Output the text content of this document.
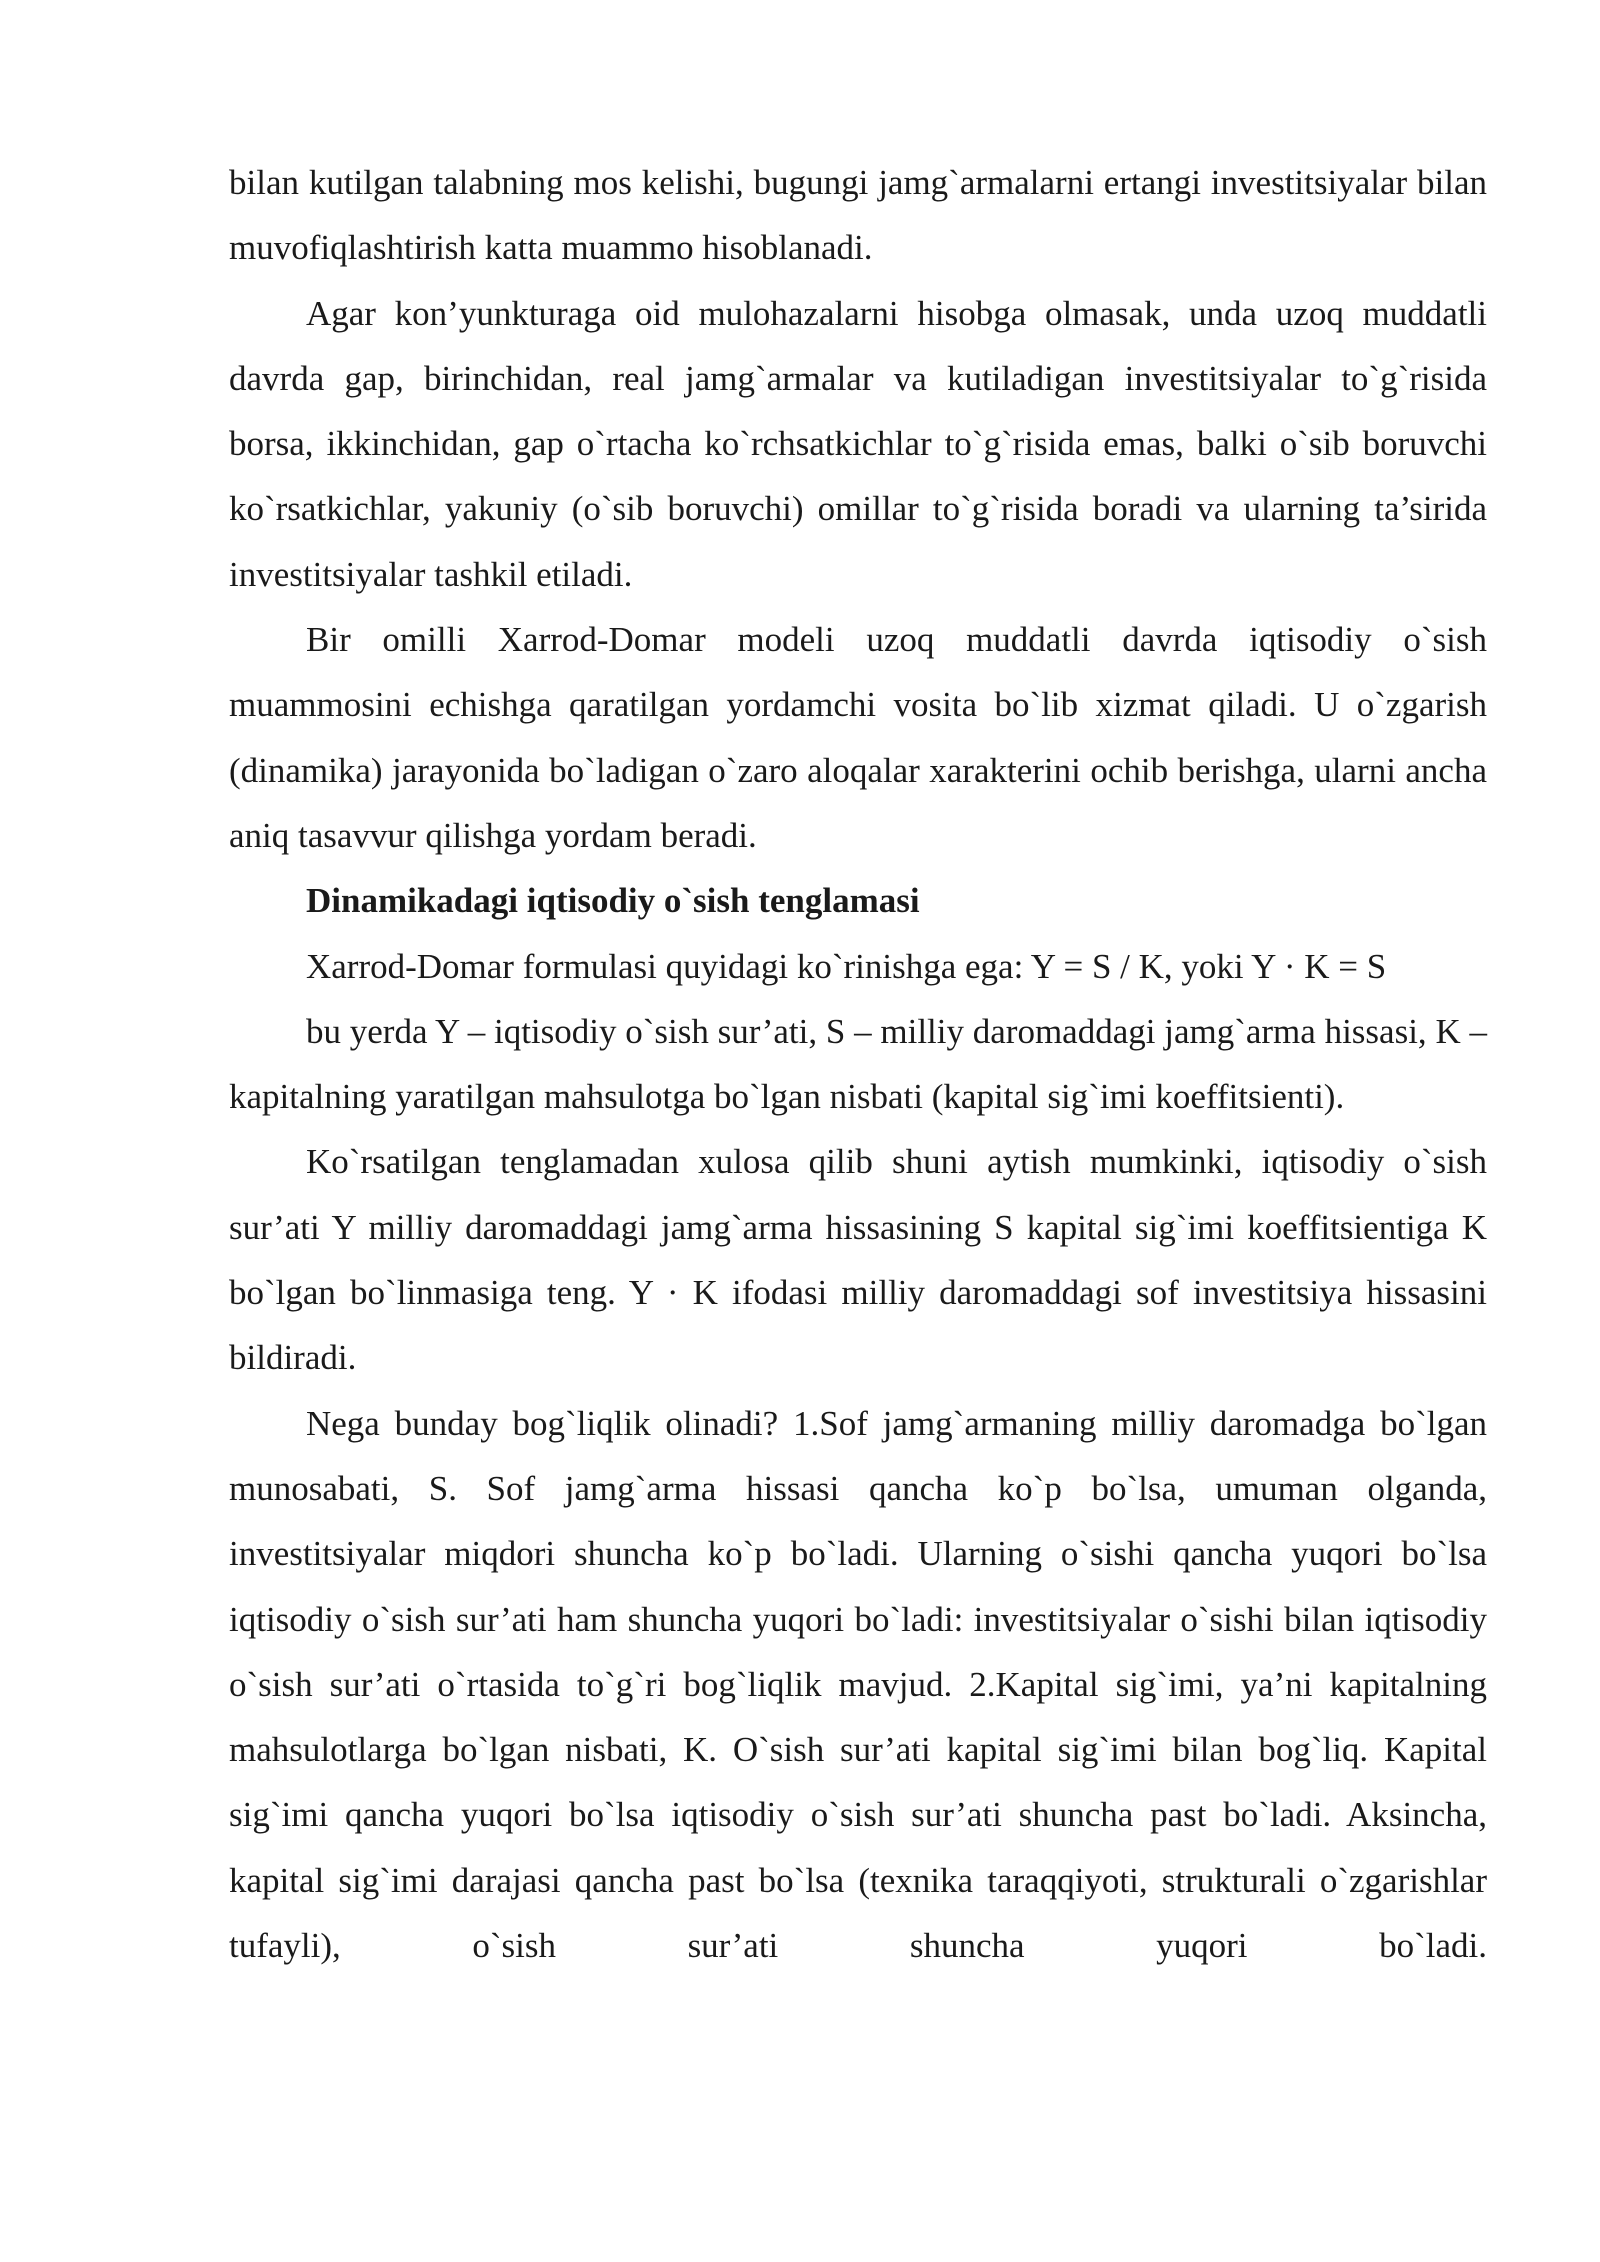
bilan kutilgan talabning mos kelishi, bugungi jamg`armalarni ertangi investitsiyalar bilan muvofiqlashtirish katta muammo hisoblanadi.

Agar kon’yunkturaga oid mulohazalarni hisobga olmasak, unda uzoq muddatli davrda gap, birinchidan, real jamg`armalar va kutiladigan investitsiyalar to`g`risida borsa, ikkinchidan, gap o`rtacha ko`rchsatkichlar to`g`risida emas, balki o`sib boruvchi ko`rsatkichlar, yakuniy (o`sib boruvchi) omillar to`g`risida boradi va ularning ta’sirida investitsiyalar tashkil etiladi.

Bir omilli Xarrod-Domar modeli uzoq muddatli davrda iqtisodiy o`sish muammosini echishga qaratilgan yordamchi vosita bo`lib xizmat qiladi. U o`zgarish (dinamika) jarayonida bo`ladigan o`zaro aloqalar xarakterini ochib berishga, ularni ancha aniq tasavvur qilishga yordam beradi.

Dinamikadagi iqtisodiy o`sish tenglamasi

Xarrod-Domar formulasi quyidagi ko`rinishga ega: Y = S / K, yoki Y · K = S

bu yerda Y – iqtisodiy o`sish sur’ati, S – milliy daromaddagi jamg`arma hissasi, K – kapitalning yaratilgan mahsulotga bo`lgan nisbati (kapital sig`imi koeffitsienti).

Ko`rsatilgan tenglamadan xulosa qilib shuni aytish mumkinki, iqtisodiy o`sish sur’ati Y milliy daromaddagi jamg`arma hissasining S kapital sig`imi koeffitsientiga K bo`lgan bo`linmasiga teng. Y · K ifodasi milliy daromaddagi sof investitsiya hissasini bildiradi.

Nega bunday bog`liqlik olinadi? 1.Sof jamg`armaning milliy daromadga bo`lgan munosabati, S. Sof jamg`arma hissasi qancha ko`p bo`lsa, umuman olganda, investitsiyalar miqdori shuncha ko`p bo`ladi. Ularning o`sishi qancha yuqori bo`lsa iqtisodiy o`sish sur’ati ham shuncha yuqori bo`ladi: investitsiyalar o`sishi bilan iqtisodiy o`sish sur’ati o`rtasida to`g`ri bog`liqlik mavjud. 2.Kapital sig`imi, ya’ni kapitalning mahsulotlarga bo`lgan nisbati, K. O`sish sur’ati kapital sig`imi bilan bog`liq. Kapital sig`imi qancha yuqori bo`lsa iqtisodiy o`sish sur’ati shuncha past bo`ladi. Aksincha, kapital sig`imi darajasi qancha past bo`lsa (texnika taraqqiyoti, strukturali o`zgarishlar tufayli), o`sish sur’ati shuncha yuqori bo`ladi.
